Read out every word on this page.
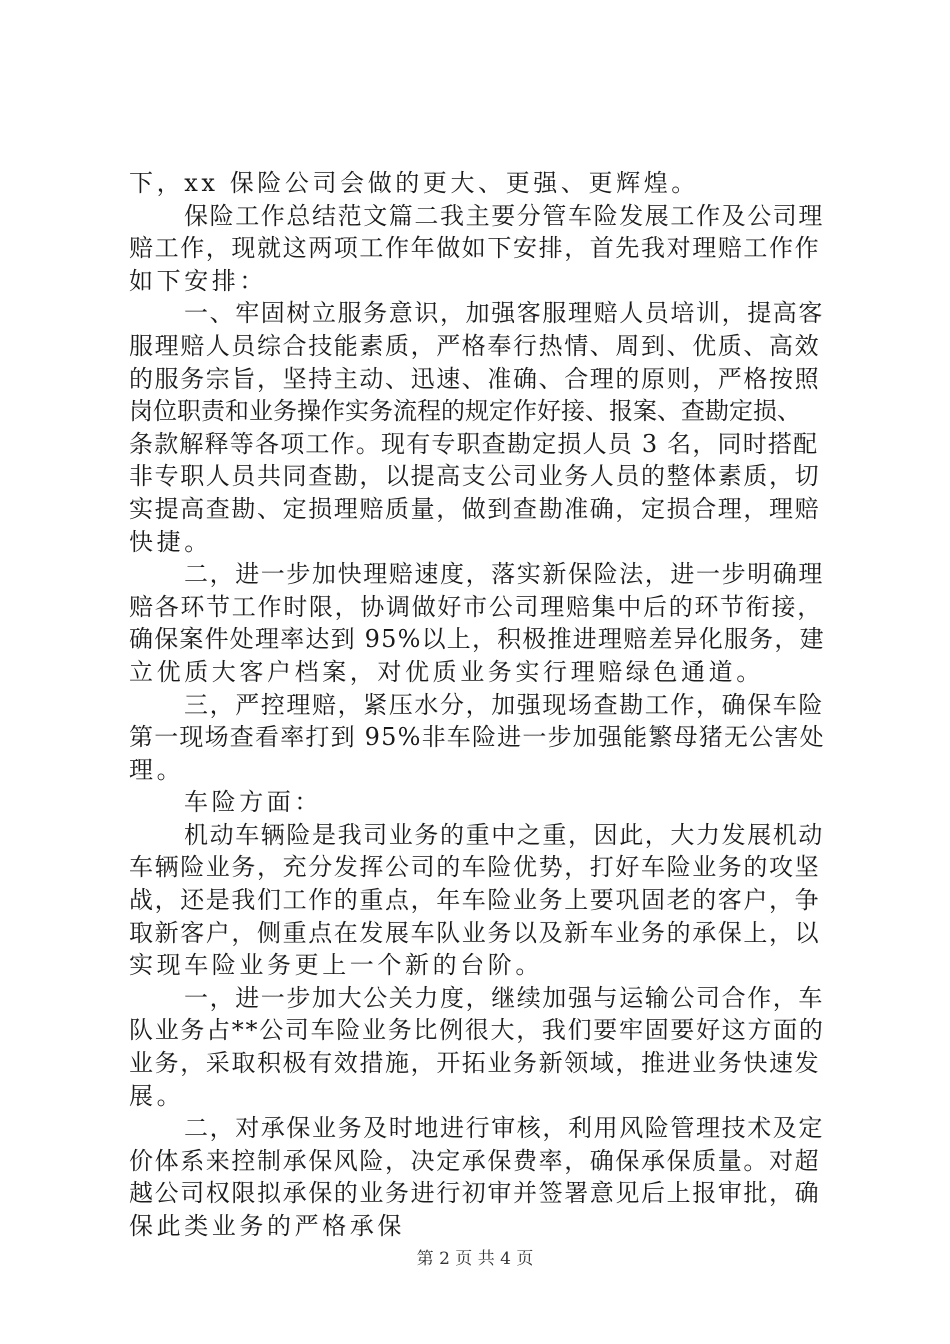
下，xx 保险公司会做的更大、更强、更辉煌。
保险工作总结范文篇二我主要分管车险发展工作及公司理
赔工作，现就这两项工作年做如下安排，首先我对理赔工作作
如下安排：
一、牢固树立服务意识，加强客服理赔人员培训，提高客
服理赔人员综合技能素质，严格奉行热情、周到、优质、高效
的服务宗旨，坚持主动、迅速、准确、合理的原则，严格按照
岗位职责和业务操作实务流程的规定作好接、报案、查勘定损、
条款解释等各项工作。现有专职查勘定损人员 3 名，同时搭配
非专职人员共同查勘，以提高支公司业务人员的整体素质，切
实提高查勘、定损理赔质量，做到查勘准确，定损合理，理赔
快捷。
二，进一步加快理赔速度，落实新保险法，进一步明确理
赔各环节工作时限，协调做好市公司理赔集中后的环节衔接，
确保案件处理率达到 95%以上，积极推进理赔差异化服务，建
立优质大客户档案，对优质业务实行理赔绿色通道。
三，严控理赔，紧压水分，加强现场查勘工作，确保车险
第一现场查看率打到 95%非车险进一步加强能繁母猪无公害处
理。
车险方面：
机动车辆险是我司业务的重中之重，因此，大力发展机动
车辆险业务，充分发挥公司的车险优势，打好车险业务的攻坚
战，还是我们工作的重点，年车险业务上要巩固老的客户，争
取新客户，侧重点在发展车队业务以及新车业务的承保上，以
实现车险业务更上一个新的台阶。
一，进一步加大公关力度，继续加强与运输公司合作，车
队业务占**公司车险业务比例很大，我们要牢固要好这方面的
业务，采取积极有效措施，开拓业务新领域，推进业务快速发
展。
二，对承保业务及时地进行审核，利用风险管理技术及定
价体系来控制承保风险，决定承保费率，确保承保质量。对超
越公司权限拟承保的业务进行初审并签署意见后上报审批，确
保此类业务的严格承保
第 2 页 共 4 页
